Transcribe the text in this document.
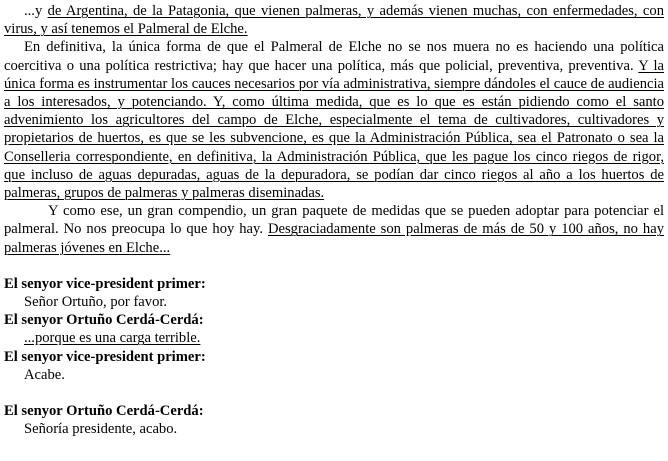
...y de Argentina, de la Patagonia, que vienen palmeras, y además vienen muchas, con enfermedades, con virus, y así tenemos el Palmeral de Elche.

En definitiva, la única forma de que el Palmeral de Elche no se nos muera no es haciendo una política coercitiva o una política restrictiva; hay que hacer una política, más que policial, preventiva, preventiva. Y la única forma es instrumentar los cauces necesarios por vía administrativa, siempre dándoles el cauce de audiencia a los interesados, y potenciando. Y, como última medida, que es lo que es están pidiendo como el santo advenimiento los agricultores del campo de Elche, especialmente el tema de cultivadores, cultivadores y propietarios de huertos, es que se les subvencione, es que la Administración Pública, sea el Patronato o sea la Conselleria correspondiente, en definitiva, la Administración Pública, que les pague los cinco riegos de rigor, que incluso de aguas depuradas, aguas de la depuradora, se podían dar cinco riegos al año a los huertos de palmeras, grupos de palmeras y palmeras diseminadas.

Y como ese, un gran compendio, un gran paquete de medidas que se pueden adoptar para potenciar el palmeral. No nos preocupa lo que hoy hay. Desgraciadamente son palmeras de más de 50 y 100 años, no hay palmeras jóvenes en Elche...

El senyor vice-president primer:

Señor Ortuño, por favor.

El senyor Ortuño Cerdá-Cerdá:

...porque es una carga terrible.

El senyor vice-president primer:

Acabe.

El senyor Ortuño Cerdá-Cerdá:

Señoría presidente, acabo.
